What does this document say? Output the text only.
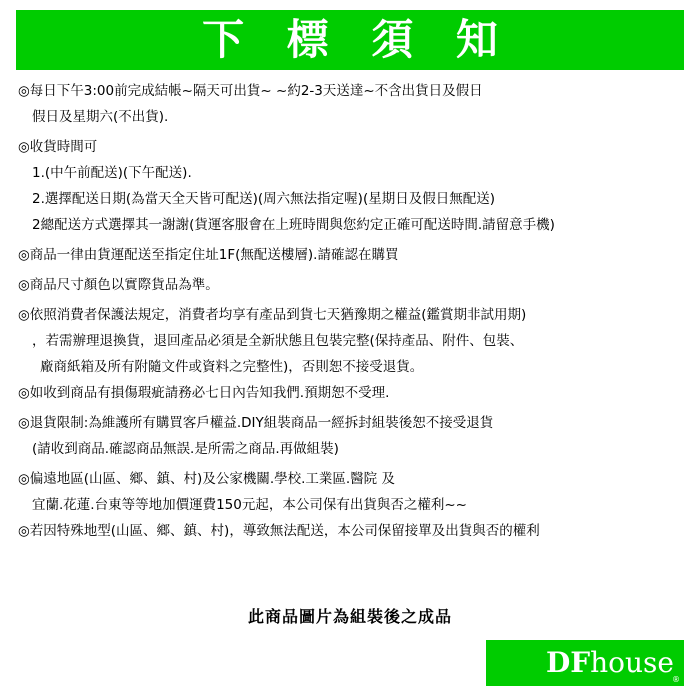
下 標 須 知
◎每日下午3:00前完成結帳~隔天可出貨~ ~約2-3天送達~不含出貨日及假日
假日及星期六(不出貨).
◎收貨時間可
1.(中午前配送)(下午配送).
2.選擇配送日期(為當天全天皆可配送)(周六無法指定喔)(星期日及假日無配送)
2總配送方式選擇其一謝謝(貨運客服會在上班時間與您約定正確可配送時間.請留意手機)
◎商品一律由貨運配送至指定住址1F(無配送樓層).請確認在購買
◎商品尺寸顏色以實際貨品為準。
◎依照消費者保護法規定，消費者均享有產品到貨七天猶豫期之權益(鑑賞期非試用期)
，若需辦理退換貨，退回產品必須是全新狀態且包裝完整(保持產品、附件、包裝、
廠商紙箱及所有附隨文件或資料之完整性)，否則恕不接受退貨。
◎如收到商品有損傷瑕疵請務必七日內告知我們.預期恕不受理.
◎退貨限制:為維護所有購買客戶權益.DIY組裝商品一經拆封組裝後恕不接受退貨
(請收到商品.確認商品無誤.是所需之商品.再做組裝)
◎偏遠地區(山區、鄉、鎮、村)及公家機關.學校.工業區.醫院 及
宜蘭.花蓮.台東等等地加價運費150元起，本公司保有出貨與否之權利~~
◎若因特殊地型(山區、鄉、鎮、村)，導致無法配送，本公司保留接單及出貨與否的權利
此商品圖片為組裝後之成品
DFhouse
®
